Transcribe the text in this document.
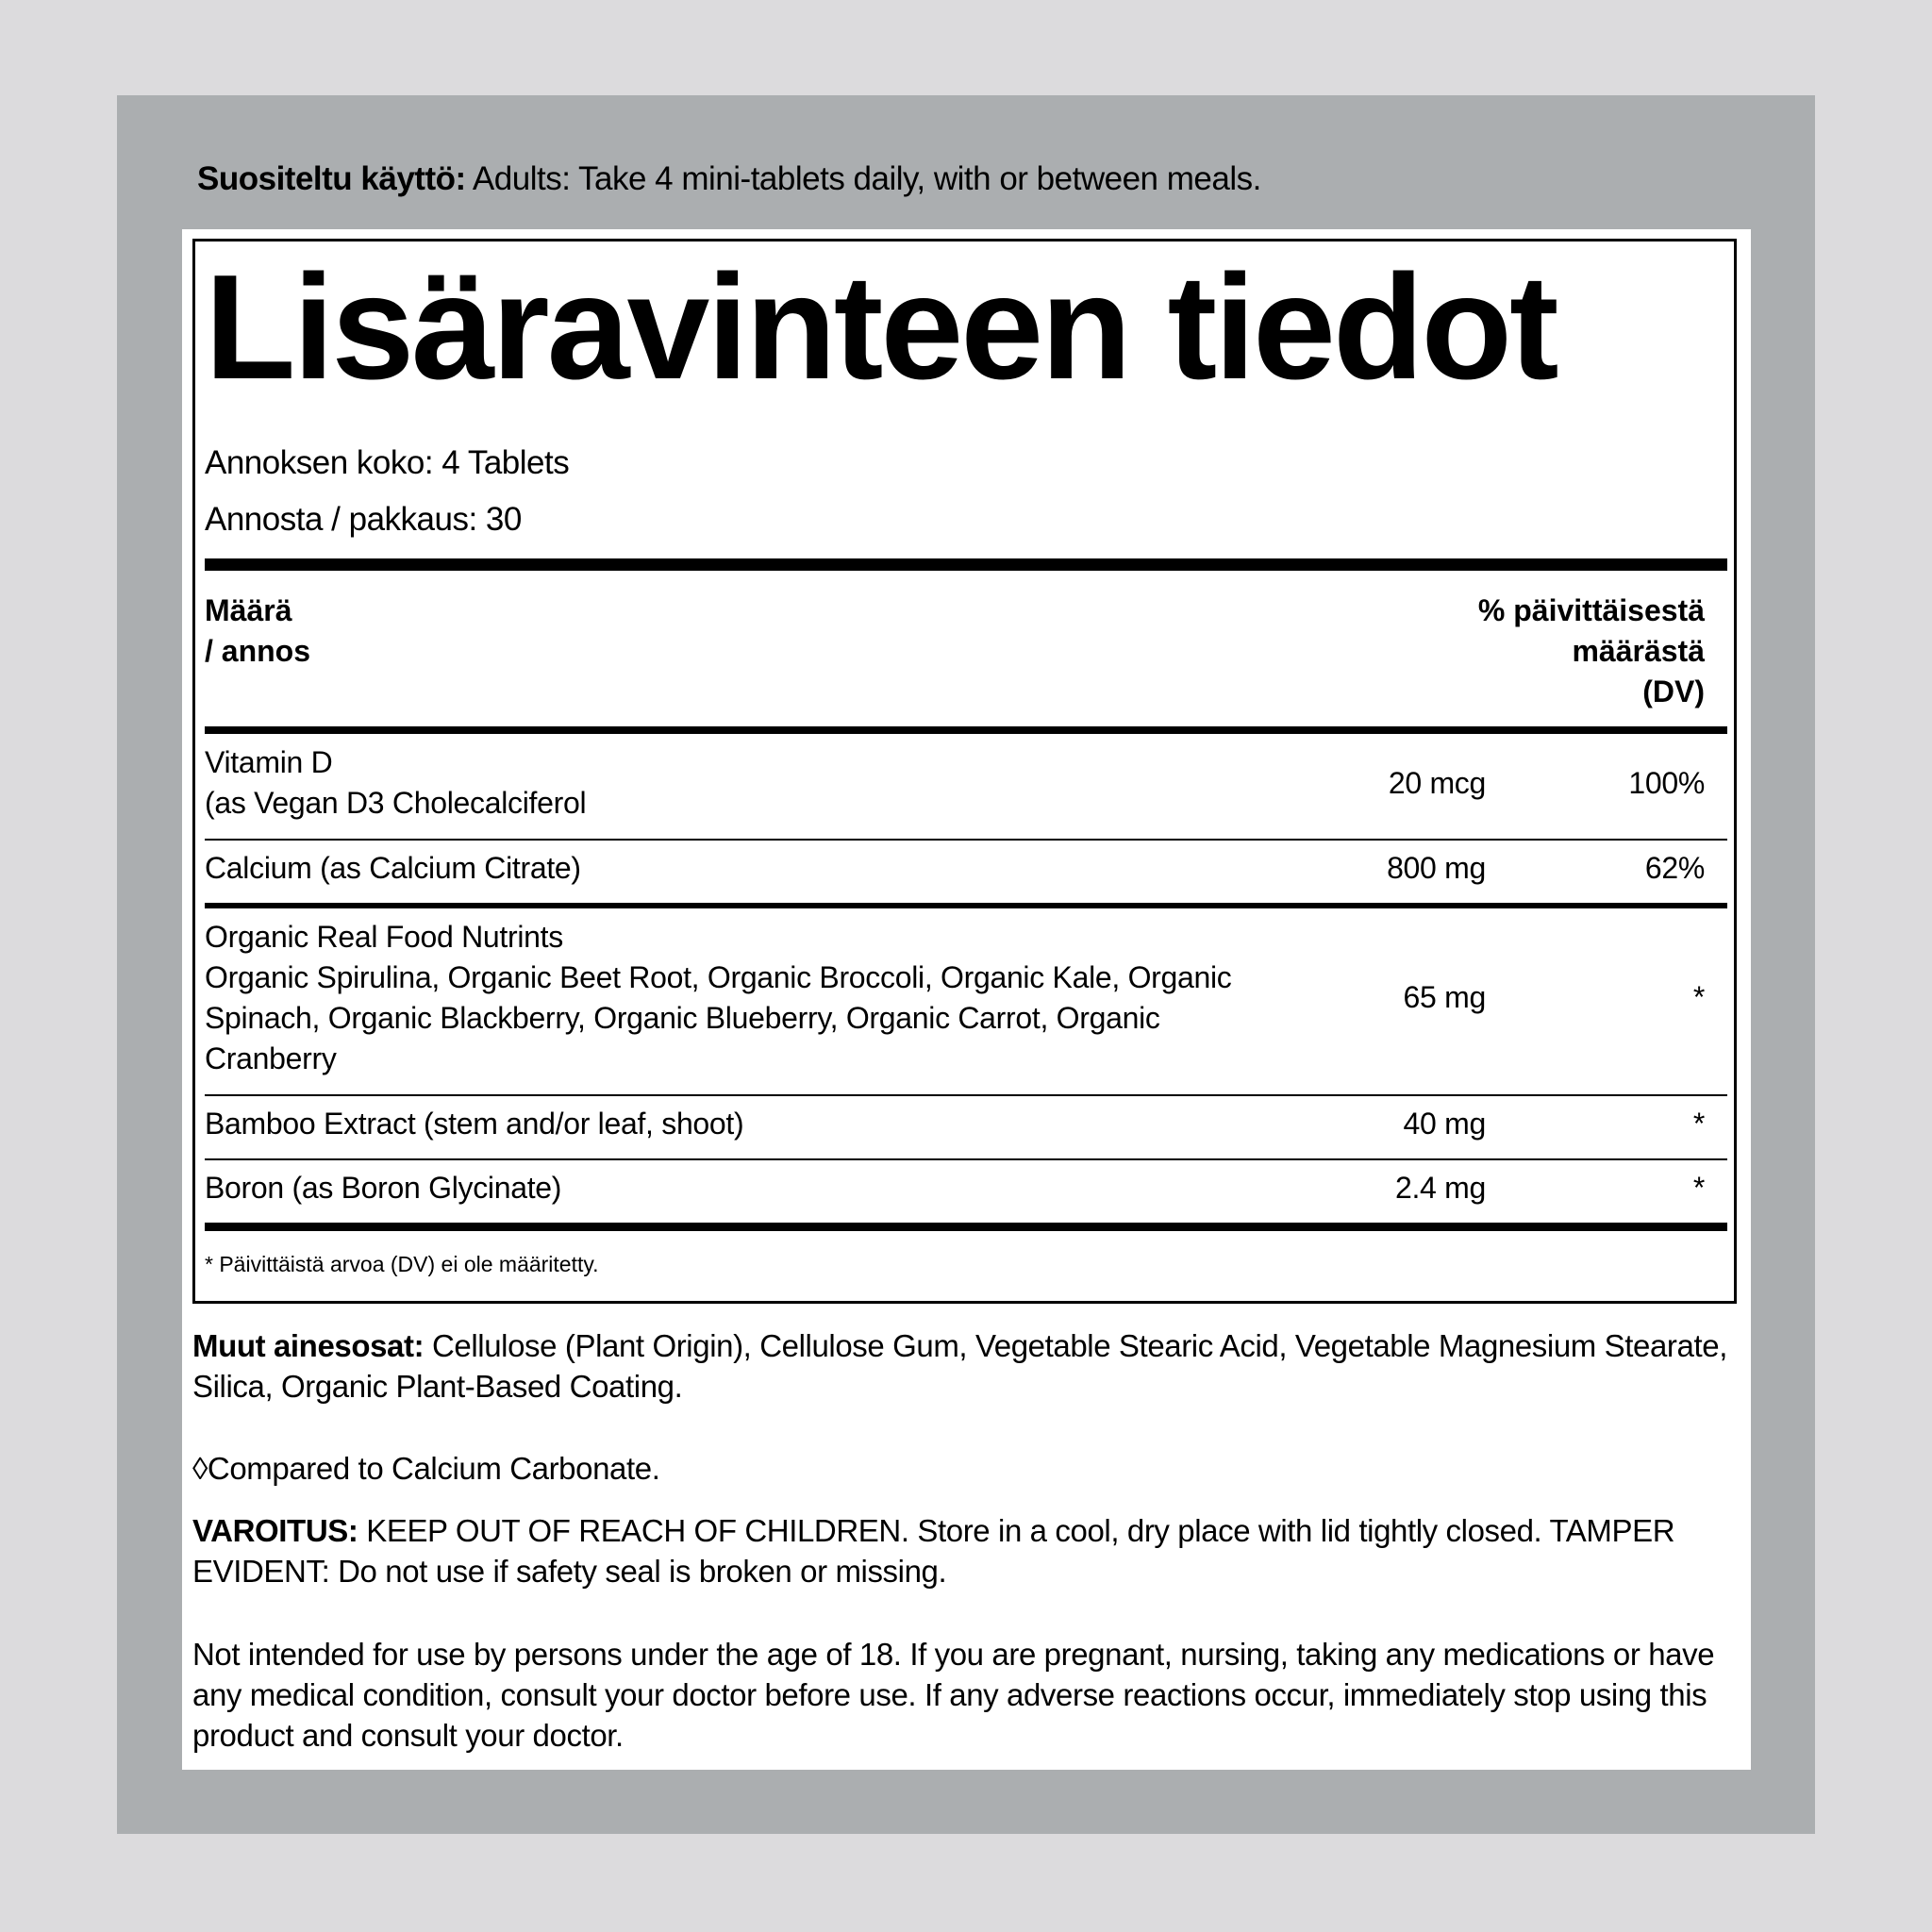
Suositeltu käyttö: Adults: Take 4 mini-tablets daily, with or between meals.
Lisäravinteen tiedot
Annoksen koko: 4 Tablets
Annosta / pakkaus: 30
Määrä
/ annos
% päivittäisestä
määrästä
(DV)
Vitamin D
(as Vegan D3 Cholecalciferol
20 mcg	100%
Calcium (as Calcium Citrate)	800 mg	62%
Organic Real Food Nutrints
Organic Spirulina, Organic Beet Root, Organic Broccoli, Organic Kale, Organic
Spinach, Organic Blackberry, Organic Blueberry, Organic Carrot, Organic
Cranberry
65 mg	*
Bamboo Extract (stem and/or leaf, shoot)	40 mg	*
Boron (as Boron Glycinate)	2.4 mg	*
* Päivittäistä arvoa (DV) ei ole määritetty.
Muut ainesosat: Cellulose (Plant Origin), Cellulose Gum, Vegetable Stearic Acid, Vegetable Magnesium Stearate, Silica, Organic Plant-Based Coating.
◊Compared to Calcium Carbonate.
VAROITUS: KEEP OUT OF REACH OF CHILDREN. Store in a cool, dry place with lid tightly closed. TAMPER EVIDENT: Do not use if safety seal is broken or missing.
Not intended for use by persons under the age of 18. If you are pregnant, nursing, taking any medications or have any medical condition, consult your doctor before use. If any adverse reactions occur, immediately stop using this product and consult your doctor.
